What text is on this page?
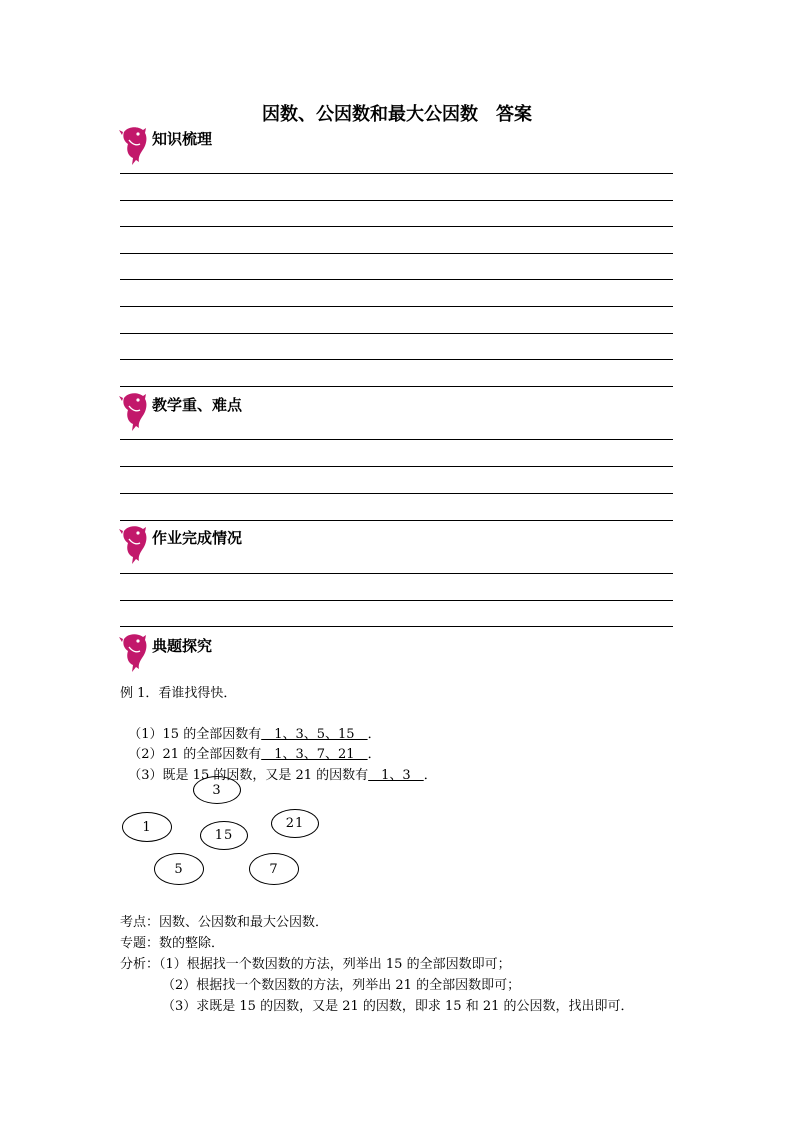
因数、公因数和最大公因数　答案
知识梳理
教学重、难点
作业完成情况
典题探究
例 1．看谁找得快．

（1）15 的全部因数有　1、3、5、15　．

（2）21 的全部因数有　1、3、7、21　．

（3）既是 15 的因数，又是 21 的因数有　1、3　．

3
1
15
21
5	7
考点：因数、公因数和最大公因数．
专题：数的整除．
分析：（1）根据找一个数因数的方法，列举出 15 的全部因数即可；
（2）根据找一个数因数的方法，列举出 21 的全部因数即可；
（3）求既是 15 的因数，又是 21 的因数，即求 15 和 21 的公因数，找出即可．
